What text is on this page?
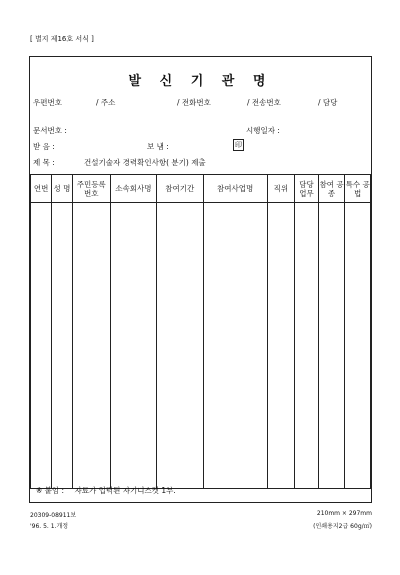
[ 별지 제16호 서식 ]
발 신 기 관 명
우편번호	/ 주소	/ 전화번호	/ 전송번호	/ 담당
문서번호 :	시행일자 :
받 음 :	보 냄 :	印
제 목 :	건설기술자 경력확인사항( 분기) 제출
연번	성 명	주민등록 번호	소속회사명	참여기간	참여사업명	직위	담당 업무	참여 공종	특수 공법

※ 붙임 : 자료가 입력된 자기디스켓 1부.
20309-08911보
'96. 5. 1.개정
210mm × 297mm
(인쇄용지2급 60g/㎡)
